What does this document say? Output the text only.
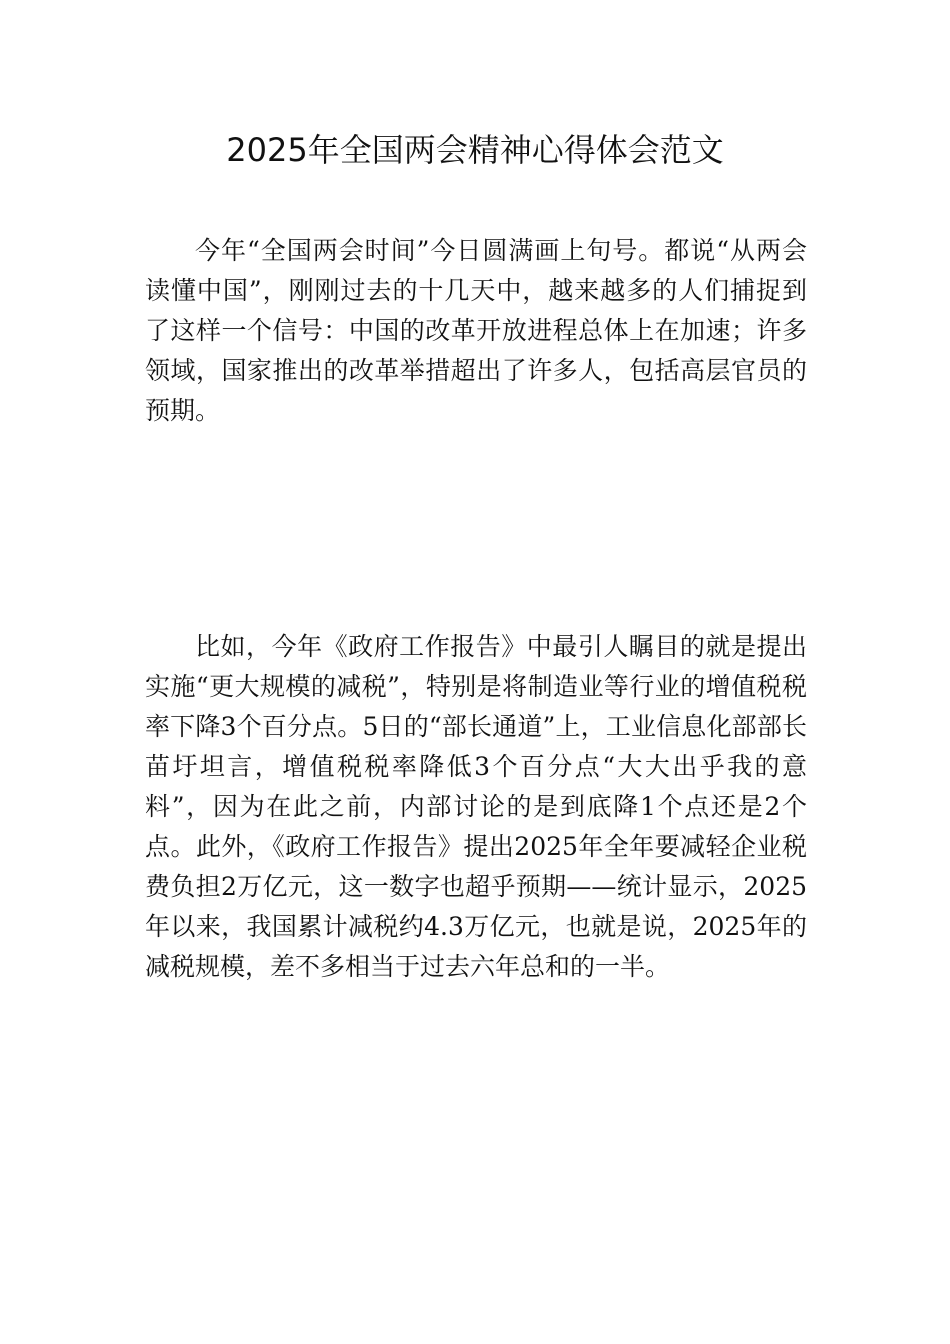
2025年全国两会精神心得体会范文

今年“全国两会时间”今日圆满画上句号。都说“从两会读懂中国”，刚刚过去的十几天中，越来越多的人们捕捉到了这样一个信号：中国的改革开放进程总体上在加速；许多领域，国家推出的改革举措超出了许多人，包括高层官员的预期。

比如，今年《政府工作报告》中最引人瞩目的就是提出实施“更大规模的减税”，特别是将制造业等行业的增值税税率下降3个百分点。5日的“部长通道”上，工业信息化部部长苗圩坦言，增值税税率降低3个百分点“大大出乎我的意料”，因为在此之前，内部讨论的是到底降1个点还是2个点。此外，《政府工作报告》提出2025年全年要减轻企业税费负担2万亿元，这一数字也超乎预期——统计显示，2025年以来，我国累计减税约4.3万亿元，也就是说，2025年的减税规模，差不多相当于过去六年总和的一半。
